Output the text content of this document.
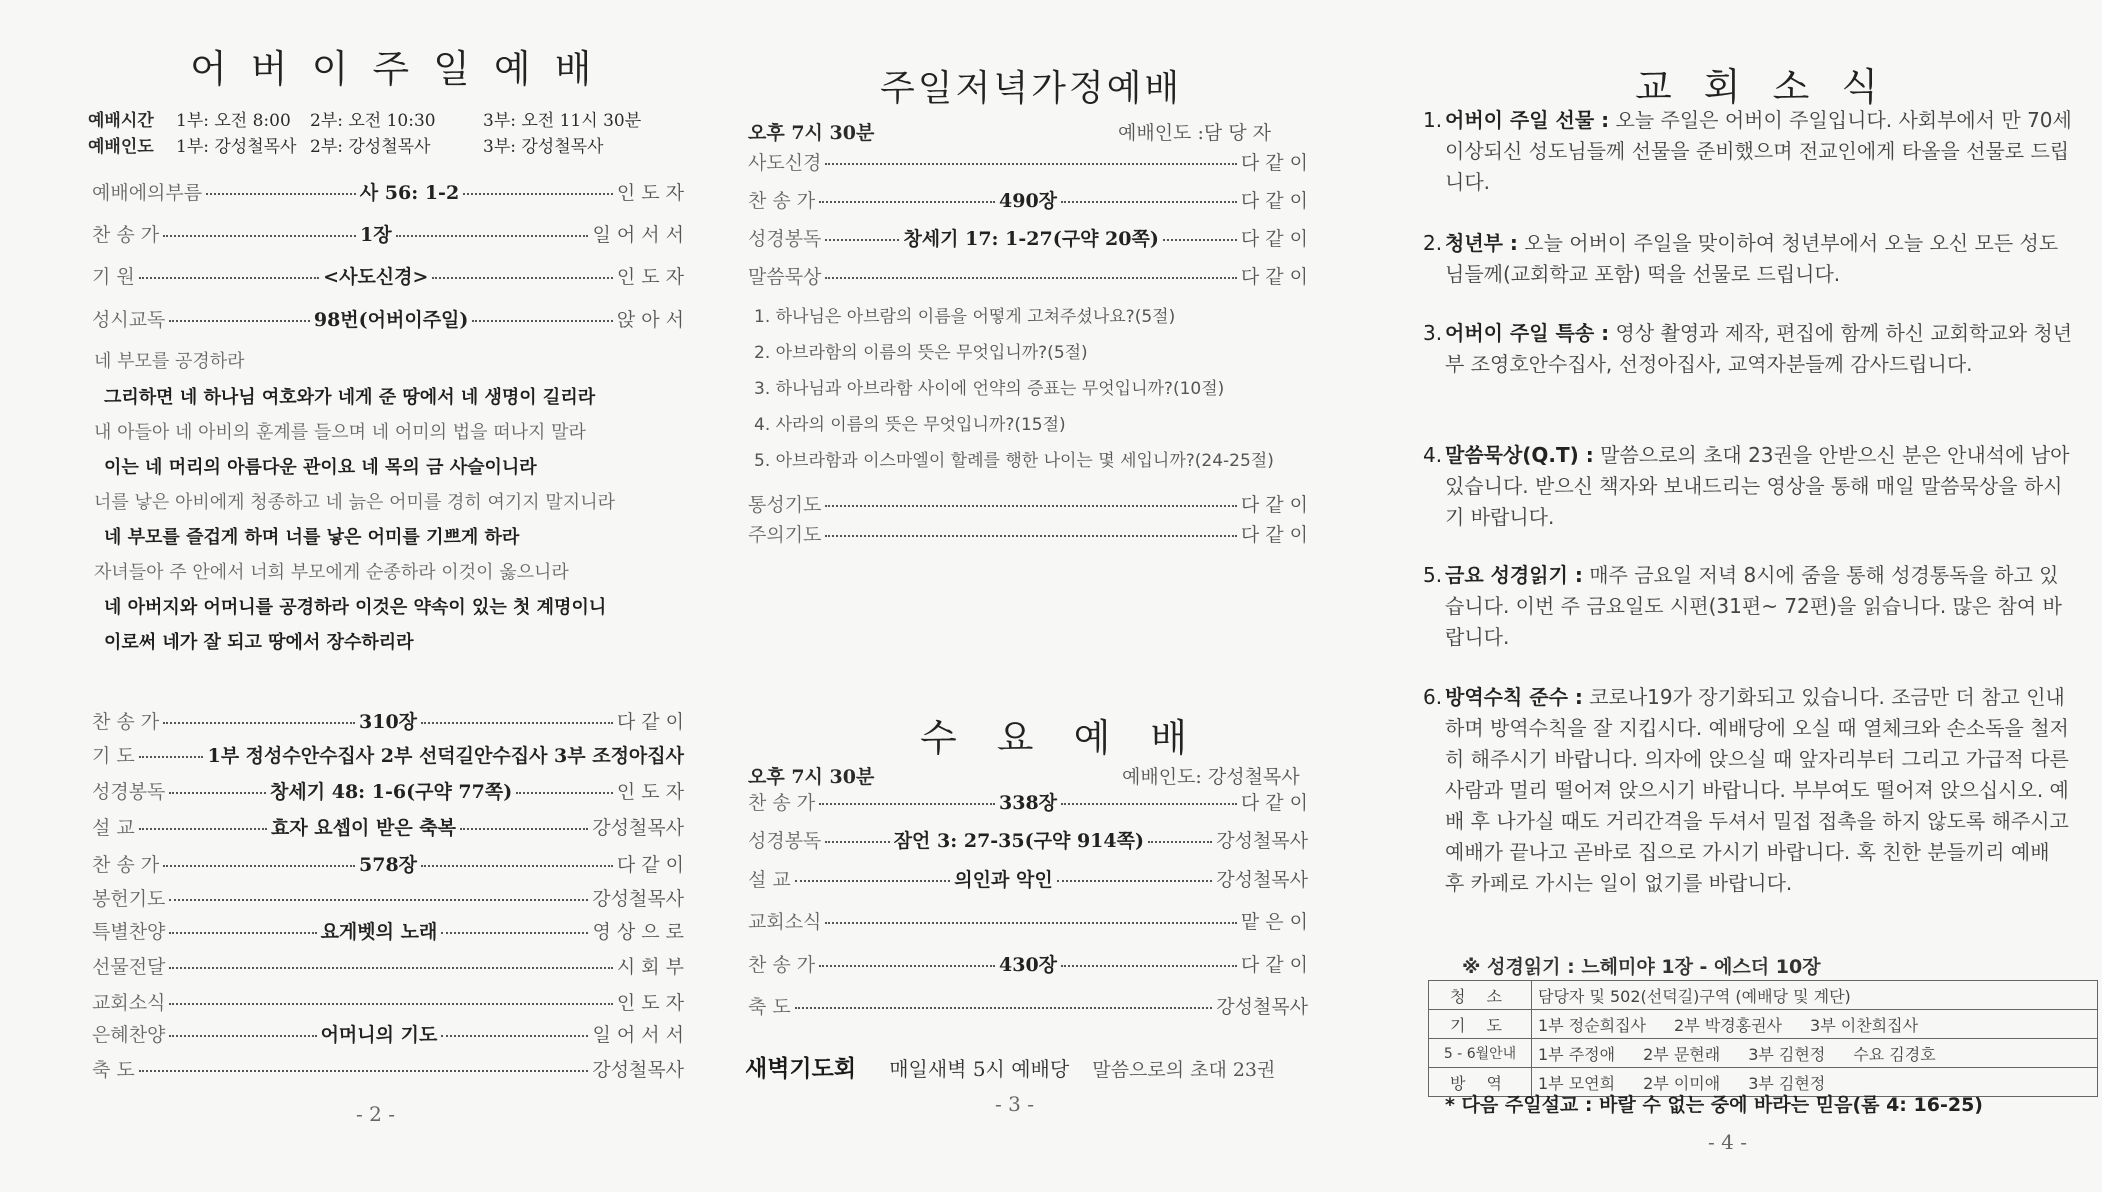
어 버 이 주 일 예 배
예배시간 1부: 오전 8:00 2부: 오전 10:30	3부: 오전 11시 30분
예배인도 1부: 강성철목사 2부: 강성철목사	3부: 강성철목사
예배에의부름	사 56: 1-2	인 도 자
찬 송 가	1장	일 어 서 서
기 원	<사도신경>	인 도 자
성시교독	98번(어버이주일)	앉 아 서
네 부모를 공경하라
그리하면 네 하나님 여호와가 네게 준 땅에서 네 생명이 길리라
내 아들아 네 아비의 훈계를 들으며 네 어미의 법을 떠나지 말라
이는 네 머리의 아름다운 관이요 네 목의 금 사슬이니라
너를 낳은 아비에게 청종하고 네 늙은 어미를 경히 여기지 말지니라
네 부모를 즐겁게 하며 너를 낳은 어미를 기쁘게 하라
자녀들아 주 안에서 너희 부모에게 순종하라 이것이 옳으니라
네 아버지와 어머니를 공경하라 이것은 약속이 있는 첫 계명이니
이로써 네가 잘 되고 땅에서 장수하리라
찬 송 가	310장	다 같 이
기 도	1부 정성수안수집사 2부 선덕길안수집사 3부 조정아집사
성경봉독	창세기 48: 1-6(구약 77쪽)	인 도 자
설 교	효자 요셉이 받은 축복	강성철목사
찬 송 가	578장	다 같 이
봉헌기도	강성철목사
특별찬양	요게벳의 노래	영 상 으 로
선물전달	시 회 부
교회소식	인 도 자
은혜찬양	어머니의 기도	일 어 서 서
축 도	강성철목사
- 2 -
주일저녁가정예배
오후 7시 30분	예배인도 :담 당 자
사도신경	다 같 이
찬 송 가	490장	다 같 이
성경봉독	창세기 17: 1-27(구약 20쪽)	다 같 이
말씀묵상	다 같 이
1. 하나님은 아브람의 이름을 어떻게 고쳐주셨나요?(5절)
2. 아브라함의 이름의 뜻은 무엇입니까?(5절)
3. 하나님과 아브라함 사이에 언약의 증표는 무엇입니까?(10절)
4. 사라의 이름의 뜻은 무엇입니까?(15절)
5. 아브라함과 이스마엘이 할례를 행한 나이는 몇 세입니까?(24-25절)
통성기도	다 같 이
주의기도	다 같 이
수 요 예 배
오후 7시 30분	예배인도: 강성철목사
찬 송 가	338장	다 같 이
성경봉독	잠언 3: 27-35(구약 914쪽)	강성철목사
설 교	의인과 악인	강성철목사
교회소식	맡 은 이
찬 송 가	430장	다 같 이
축 도	강성철목사
새벽기도회 매일새벽 5시 예배당 말씀으로의 초대 23권
- 3 -
교 회 소 식
1. 어버이 주일 선물 : 오늘 주일은 어버이 주일입니다. 사회부에서 만 70세 이상되신 성도님들께 선물을 준비했으며 전교인에게 타올을 선물로 드립니다.
2. 청년부 : 오늘 어버이 주일을 맞이하여 청년부에서 오늘 오신 모든 성도님들께(교회학교 포함) 떡을 선물로 드립니다.
3. 어버이 주일 특송 : 영상 촬영과 제작, 편집에 함께 하신 교회학교와 청년부 조영호안수집사, 선정아집사, 교역자분들께 감사드립니다.
4. 말씀묵상(Q.T) : 말씀으로의 초대 23권을 안받으신 분은 안내석에 남아 있습니다. 받으신 책자와 보내드리는 영상을 통해 매일 말씀묵상을 하시기 바랍니다.
5. 금요 성경읽기 : 매주 금요일 저녁 8시에 줌을 통해 성경통독을 하고 있습니다. 이번 주 금요일도 시편(31편~ 72편)을 읽습니다. 많은 참여 바랍니다.
6. 방역수칙 준수 : 코로나19가 장기화되고 있습니다. 조금만 더 참고 인내하며 방역수칙을 잘 지킵시다. 예배당에 오실 때 열체크와 손소독을 철저히 해주시기 바랍니다. 의자에 앉으실 때 앞자리부터 그리고 가급적 다른 사람과 멀리 떨어져 앉으시기 바랍니다. 부부여도 떨어져 앉으십시오. 예배 후 나가실 때도 거리간격을 두셔서 밀접 접촉을 하지 않도록 해주시고 예배가 끝나고 곧바로 집으로 가시기 바랍니다. 혹 친한 분들끼리 예배 후 카페로 가시는 일이 없기를 바랍니다.
※ 성경읽기 : 느헤미야 1장 - 에스더 10장
청 소	담당자 및 502(선덕길)구역 (예배당 및 계단)
기 도	1부 정순희집사 2부 박경홍권사 3부 이찬희집사
5 - 6월안내	1부 주정애 2부 문현래 3부 김현정 수요 김경호
방 역	1부 모연희 2부 이미애 3부 김현정
* 다음 주일설교 : 바랄 수 없는 중에 바라는 믿음(롬 4: 16-25)
- 4 -
